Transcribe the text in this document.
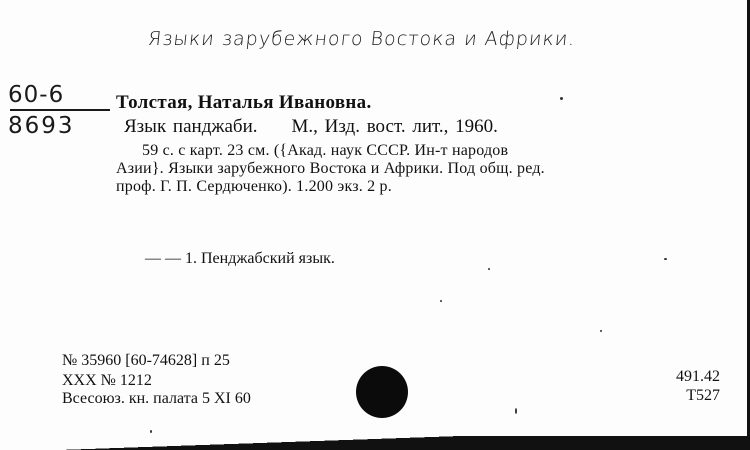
Языки зарубежного Востока и Африки.
60-6
8693
Толстая, Наталья Ивановна.
Язык панджаби. М., Изд. вост. лит., 1960.
59 с. с карт. 23 см. ({Акад. наук СССР. Ин-т народов
Азии}. Языки зарубежного Востока и Африки. Под общ. ред.
проф. Г. П. Сердюченко). 1.200 экз. 2 р.
— — 1. Пенджабский язык.
№ 35960 [60-74628] п 25
XXX № 1212
Всесоюз. кн. палата 5 XI 60
491.42
T527
